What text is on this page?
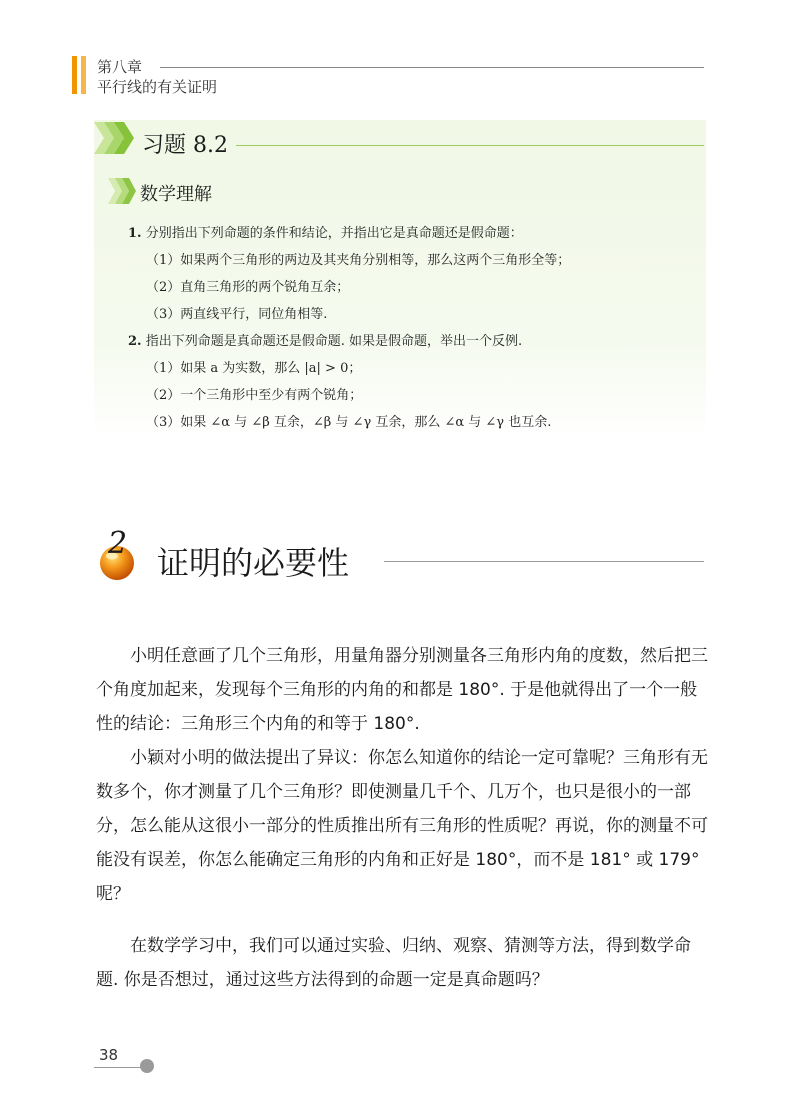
第八章
平行线的有关证明
习题 8.2
数学理解
1. 分别指出下列命题的条件和结论，并指出它是真命题还是假命题：
（1）如果两个三角形的两边及其夹角分别相等，那么这两个三角形全等；
（2）直角三角形的两个锐角互余；
（3）两直线平行，同位角相等.
2. 指出下列命题是真命题还是假命题. 如果是假命题，举出一个反例.
（1）如果 a 为实数，那么 |a| > 0；
（2）一个三角形中至少有两个锐角；
（3）如果 ∠α 与 ∠β 互余，∠β 与 ∠γ 互余，那么 ∠α 与 ∠γ 也互余.
2
证明的必要性

小明任意画了几个三角形，用量角器分别测量各三角形内角的度数，然后把三个角度加起来，发现每个三角形的内角的和都是 180°. 于是他就得出了一个一般性的结论：三角形三个内角的和等于 180°.

小颖对小明的做法提出了异议：你怎么知道你的结论一定可靠呢？三角形有无数多个，你才测量了几个三角形？即使测量几千个、几万个，也只是很小的一部分，怎么能从这很小一部分的性质推出所有三角形的性质呢？再说，你的测量不可能没有误差，你怎么能确定三角形的内角和正好是 180°，而不是 181° 或 179° 呢？

在数学学习中，我们可以通过实验、归纳、观察、猜测等方法，得到数学命题. 你是否想过，通过这些方法得到的命题一定是真命题吗？

38
